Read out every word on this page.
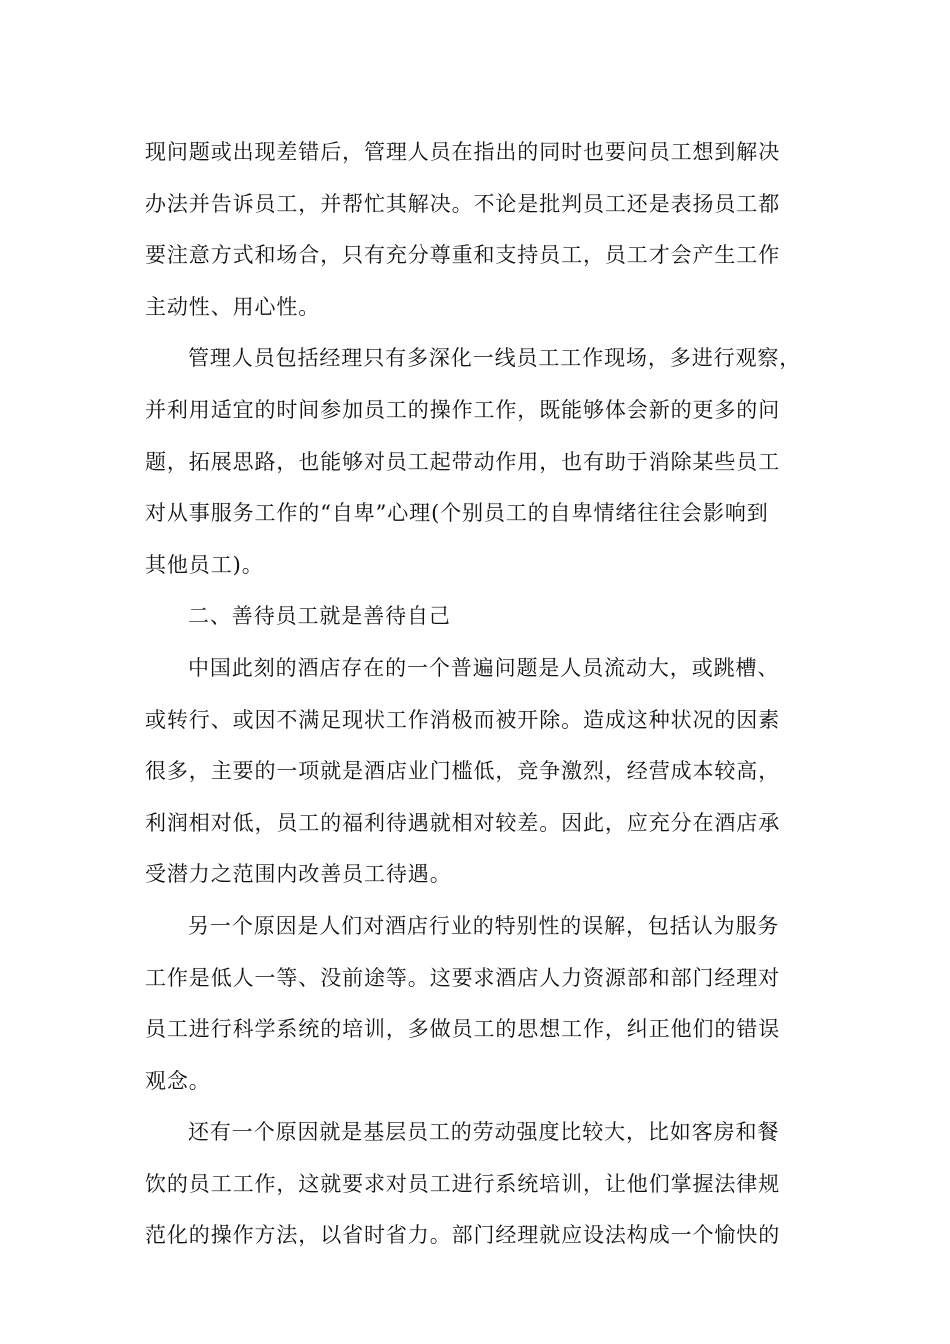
现问题或出现差错后，管理人员在指出的同时也要问员工想到解决
办法并告诉员工，并帮忙其解决。不论是批判员工还是表扬员工都
要注意方式和场合，只有充分尊重和支持员工，员工才会产生工作
主动性、用心性。
管理人员包括经理只有多深化一线员工工作现场，多进行观察，
并利用适宜的时间参加员工的操作工作，既能够体会新的更多的问
题，拓展思路，也能够对员工起带动作用，也有助于消除某些员工
对从事服务工作的“自卑”心理(个别员工的自卑情绪往往会影响到
其他员工)。
二、善待员工就是善待自己
中国此刻的酒店存在的一个普遍问题是人员流动大，或跳槽、
或转行、或因不满足现状工作消极而被开除。造成这种状况的因素
很多，主要的一项就是酒店业门槛低，竞争激烈，经营成本较高，
利润相对低，员工的福利待遇就相对较差。因此，应充分在酒店承
受潜力之范围内改善员工待遇。
另一个原因是人们对酒店行业的特别性的误解，包括认为服务
工作是低人一等、没前途等。这要求酒店人力资源部和部门经理对
员工进行科学系统的培训，多做员工的思想工作，纠正他们的错误
观念。
还有一个原因就是基层员工的劳动强度比较大，比如客房和餐
饮的员工工作，这就要求对员工进行系统培训，让他们掌握法律规
范化的操作方法，以省时省力。部门经理就应设法构成一个愉快的
